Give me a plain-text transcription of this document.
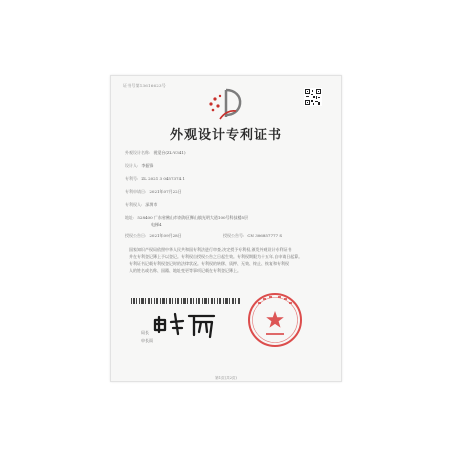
证书号第13616623号
外观设计专利证书
外观设计名称: 视觉台(ZL-V341)
设计人: 李振锋
专利号: ZL 2021 3 0457374.1
专利申请日: 2021年07月22日
专利权人: 深圳市
地址: 528400 广东省佛山市南海区狮山镇光明大道100号科技楼5层
电梯4
授权公告日: 2021年09月28日	授权公告号: CN 306857777 S
国家知识产权局依照中华人民共和国专利法进行审查,决定授予专利权,颁发外观设计专利证书
并在专利登记簿上予以登记。专利权自授权公告之日起生效。专利权期限为十五年,自申请日起算。
专利证书记载专利权登记时的法律状况。专利权的转移、质押、无效、终止、恢复和专利权
人的姓名或名称、国籍、地址变更等事项记载在专利登记簿上。
局长
申长雨
第1页(共2页)
